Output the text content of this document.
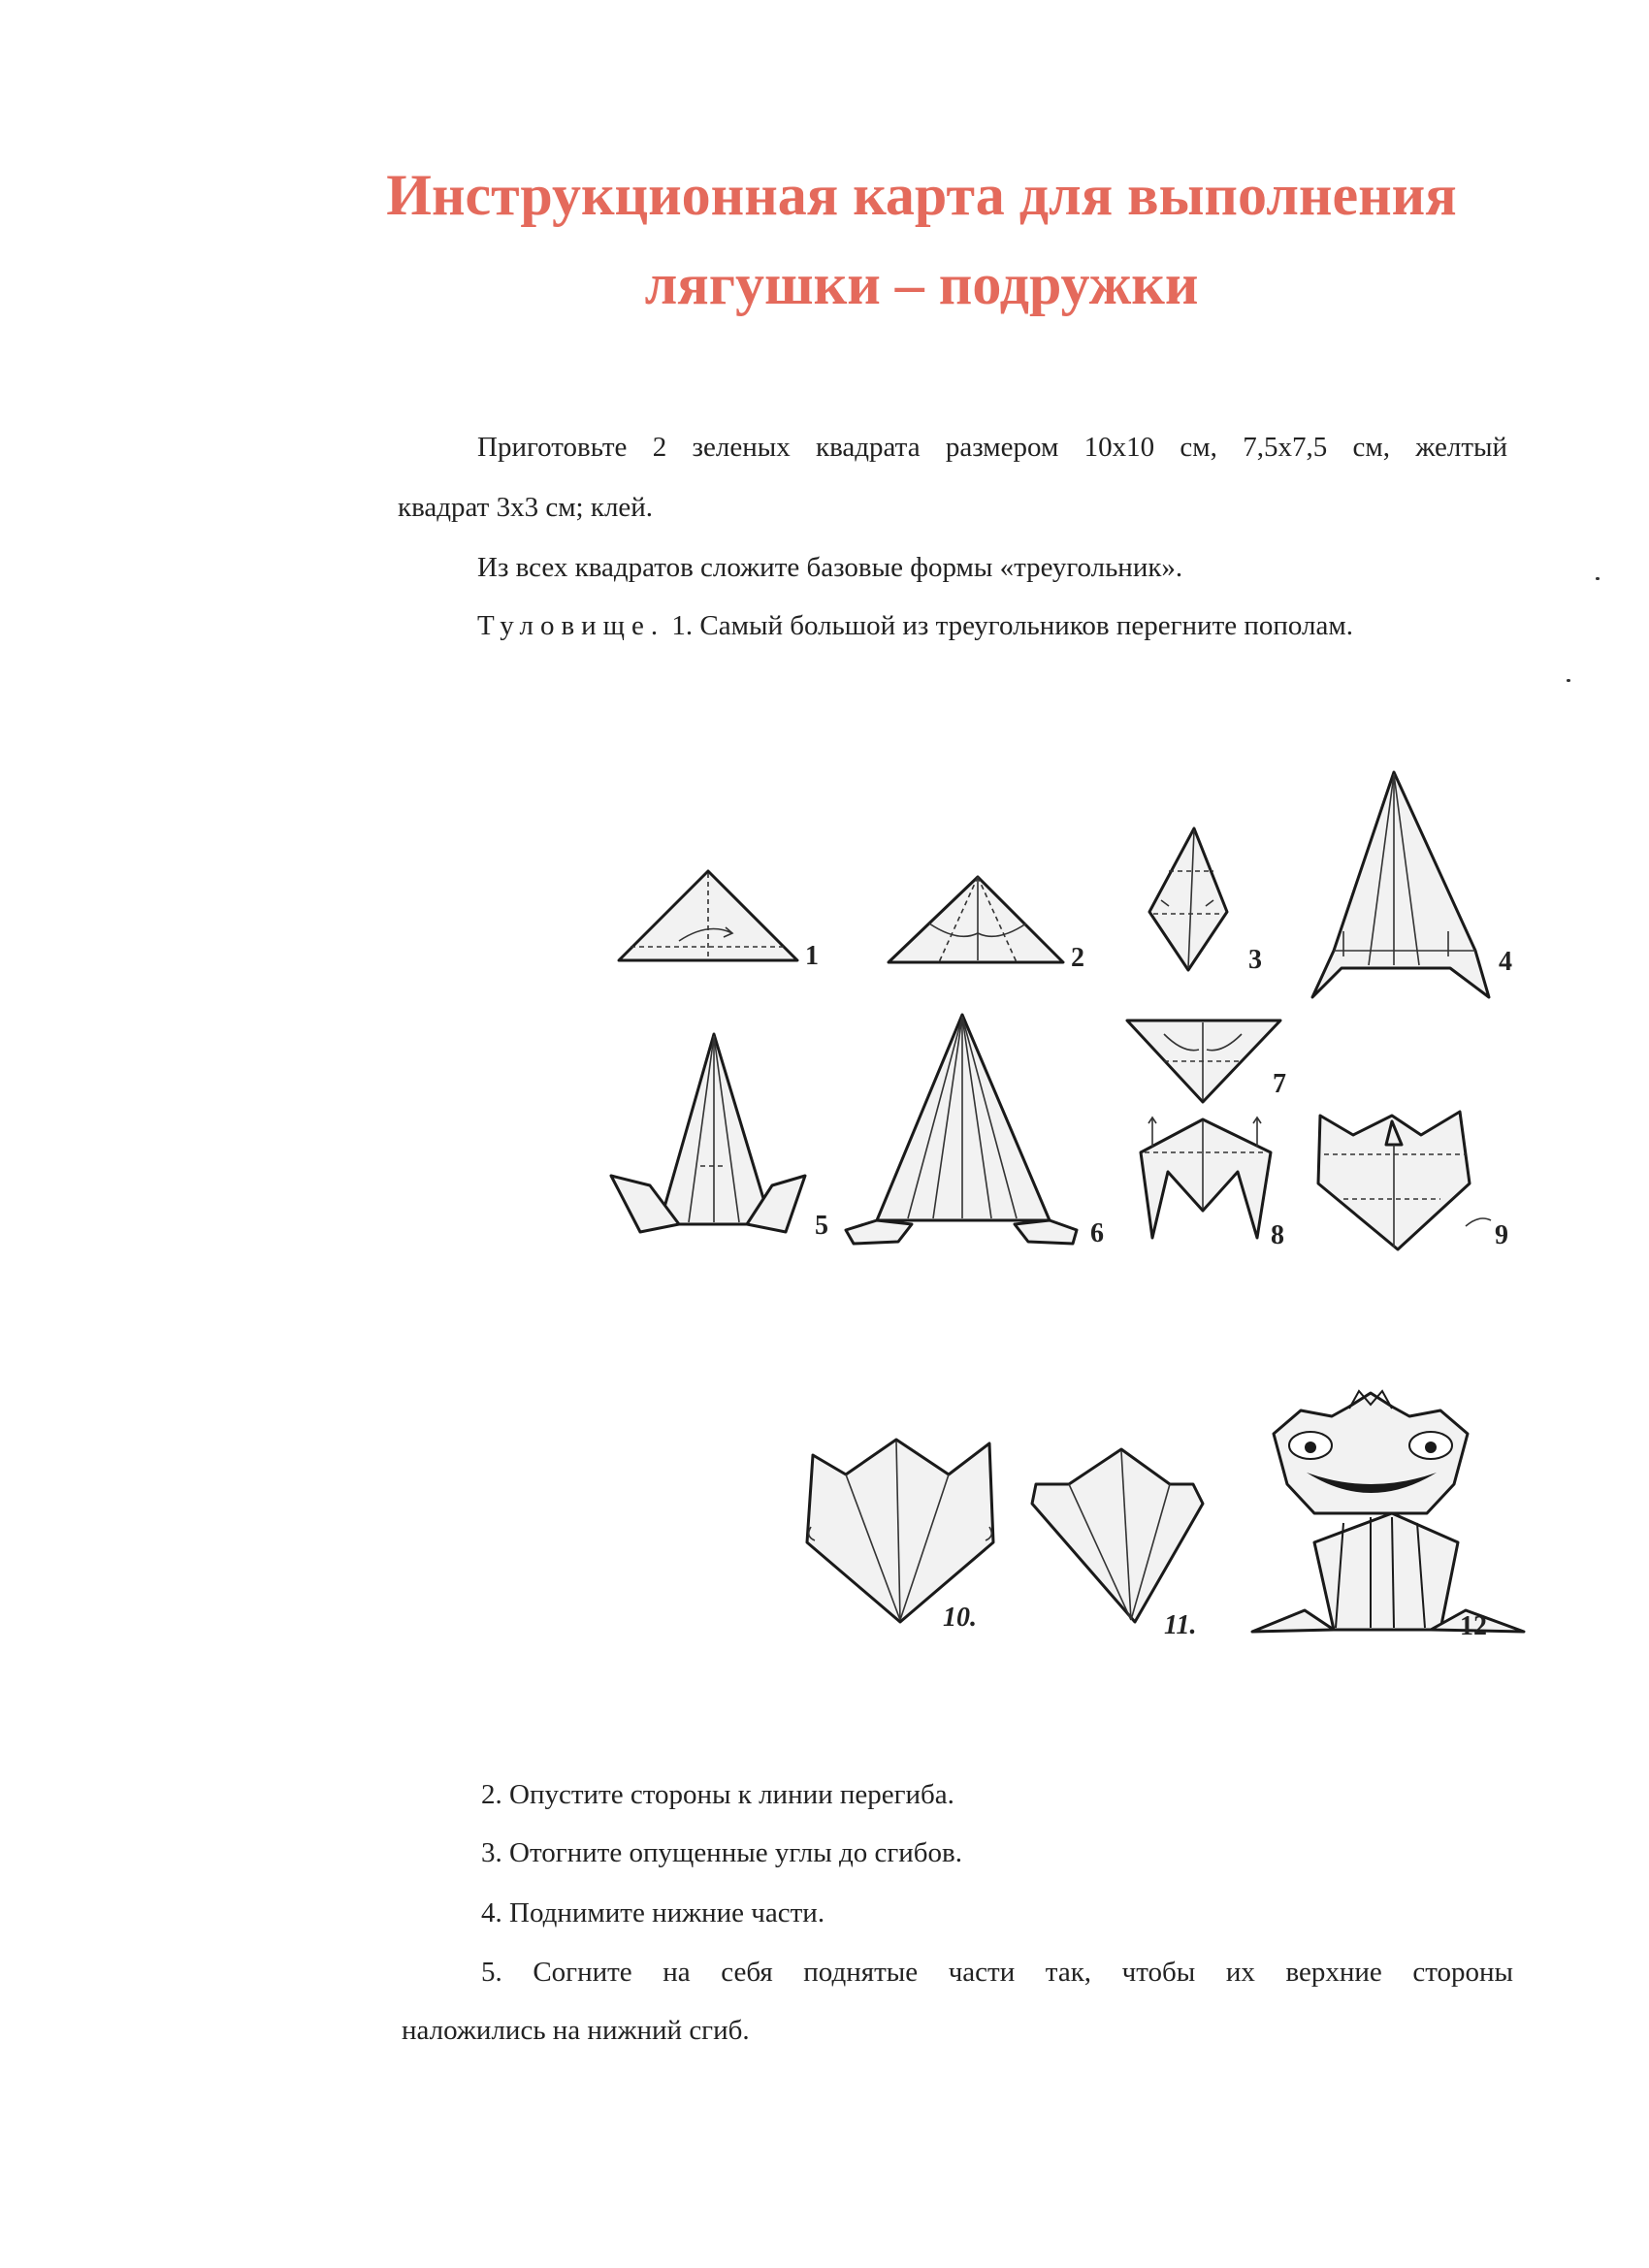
Инструкционная карта для выполнения
лягушки – подружки
Приготовьте 2 зеленых квадрата размером 10х10 см, 7,5х7,5 см, желтый
квадрат 3х3 см; клей.
Из всех квадратов сложите базовые формы «треугольник».
Туловище. 1. Самый большой из треугольников перегните пополам.
1	2	3	4
5	6
7
8	9
10.	11.	12
2. Опустите стороны к линии перегиба.
3. Отогните опущенные углы до сгибов.
4. Поднимите нижние части.
5. Согните на себя поднятые части так, чтобы их верхние стороны
наложились на нижний сгиб.
